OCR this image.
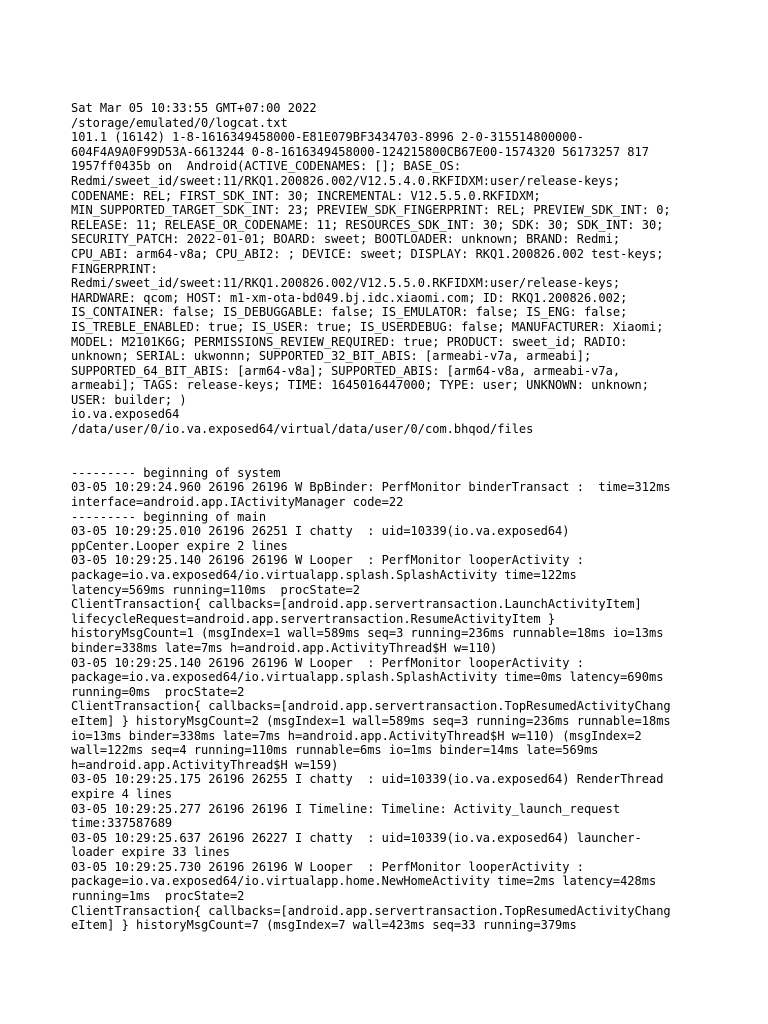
Sat Mar 05 10:33:55 GMT+07:00 2022
/storage/emulated/0/logcat.txt
101.1 (16142) 1-8-1616349458000-E81E079BF3434703-8996 2-0-315514800000-
604F4A9A0F99D53A-6613244 0-8-1616349458000-124215800CB67E00-1574320 56173257 817
1957ff0435b on  Android(ACTIVE_CODENAMES: []; BASE_OS:
Redmi/sweet_id/sweet:11/RKQ1.200826.002/V12.5.4.0.RKFIDXM:user/release-keys;
CODENAME: REL; FIRST_SDK_INT: 30; INCREMENTAL: V12.5.5.0.RKFIDXM;
MIN_SUPPORTED_TARGET_SDK_INT: 23; PREVIEW_SDK_FINGERPRINT: REL; PREVIEW_SDK_INT: 0;
RELEASE: 11; RELEASE_OR_CODENAME: 11; RESOURCES_SDK_INT: 30; SDK: 30; SDK_INT: 30;
SECURITY_PATCH: 2022-01-01; BOARD: sweet; BOOTLOADER: unknown; BRAND: Redmi;
CPU_ABI: arm64-v8a; CPU_ABI2: ; DEVICE: sweet; DISPLAY: RKQ1.200826.002 test-keys;
FINGERPRINT:
Redmi/sweet_id/sweet:11/RKQ1.200826.002/V12.5.5.0.RKFIDXM:user/release-keys;
HARDWARE: qcom; HOST: m1-xm-ota-bd049.bj.idc.xiaomi.com; ID: RKQ1.200826.002;
IS_CONTAINER: false; IS_DEBUGGABLE: false; IS_EMULATOR: false; IS_ENG: false;
IS_TREBLE_ENABLED: true; IS_USER: true; IS_USERDEBUG: false; MANUFACTURER: Xiaomi;
MODEL: M2101K6G; PERMISSIONS_REVIEW_REQUIRED: true; PRODUCT: sweet_id; RADIO:
unknown; SERIAL: ukwonnn; SUPPORTED_32_BIT_ABIS: [armeabi-v7a, armeabi];
SUPPORTED_64_BIT_ABIS: [arm64-v8a]; SUPPORTED_ABIS: [arm64-v8a, armeabi-v7a,
armeabi]; TAGS: release-keys; TIME: 1645016447000; TYPE: user; UNKNOWN: unknown;
USER: builder; )
io.va.exposed64
/data/user/0/io.va.exposed64/virtual/data/user/0/com.bhqod/files
--------- beginning of system
03-05 10:29:24.960 26196 26196 W BpBinder: PerfMonitor binderTransact :  time=312ms
interface=android.app.IActivityManager code=22
--------- beginning of main
03-05 10:29:25.010 26196 26251 I chatty  : uid=10339(io.va.exposed64)
ppCenter.Looper expire 2 lines
03-05 10:29:25.140 26196 26196 W Looper  : PerfMonitor looperActivity :
package=io.va.exposed64/io.virtualapp.splash.SplashActivity time=122ms
latency=569ms running=110ms  procState=2
ClientTransaction{ callbacks=[android.app.servertransaction.LaunchActivityItem]
lifecycleRequest=android.app.servertransaction.ResumeActivityItem }
historyMsgCount=1 (msgIndex=1 wall=589ms seq=3 running=236ms runnable=18ms io=13ms
binder=338ms late=7ms h=android.app.ActivityThread$H w=110)
03-05 10:29:25.140 26196 26196 W Looper  : PerfMonitor looperActivity :
package=io.va.exposed64/io.virtualapp.splash.SplashActivity time=0ms latency=690ms
running=0ms  procState=2
ClientTransaction{ callbacks=[android.app.servertransaction.TopResumedActivityChang
eItem] } historyMsgCount=2 (msgIndex=1 wall=589ms seq=3 running=236ms runnable=18ms
io=13ms binder=338ms late=7ms h=android.app.ActivityThread$H w=110) (msgIndex=2
wall=122ms seq=4 running=110ms runnable=6ms io=1ms binder=14ms late=569ms
h=android.app.ActivityThread$H w=159)
03-05 10:29:25.175 26196 26255 I chatty  : uid=10339(io.va.exposed64) RenderThread
expire 4 lines
03-05 10:29:25.277 26196 26196 I Timeline: Timeline: Activity_launch_request
time:337587689
03-05 10:29:25.637 26196 26227 I chatty  : uid=10339(io.va.exposed64) launcher-
loader expire 33 lines
03-05 10:29:25.730 26196 26196 W Looper  : PerfMonitor looperActivity :
package=io.va.exposed64/io.virtualapp.home.NewHomeActivity time=2ms latency=428ms
running=1ms  procState=2
ClientTransaction{ callbacks=[android.app.servertransaction.TopResumedActivityChang
eItem] } historyMsgCount=7 (msgIndex=7 wall=423ms seq=33 running=379ms
